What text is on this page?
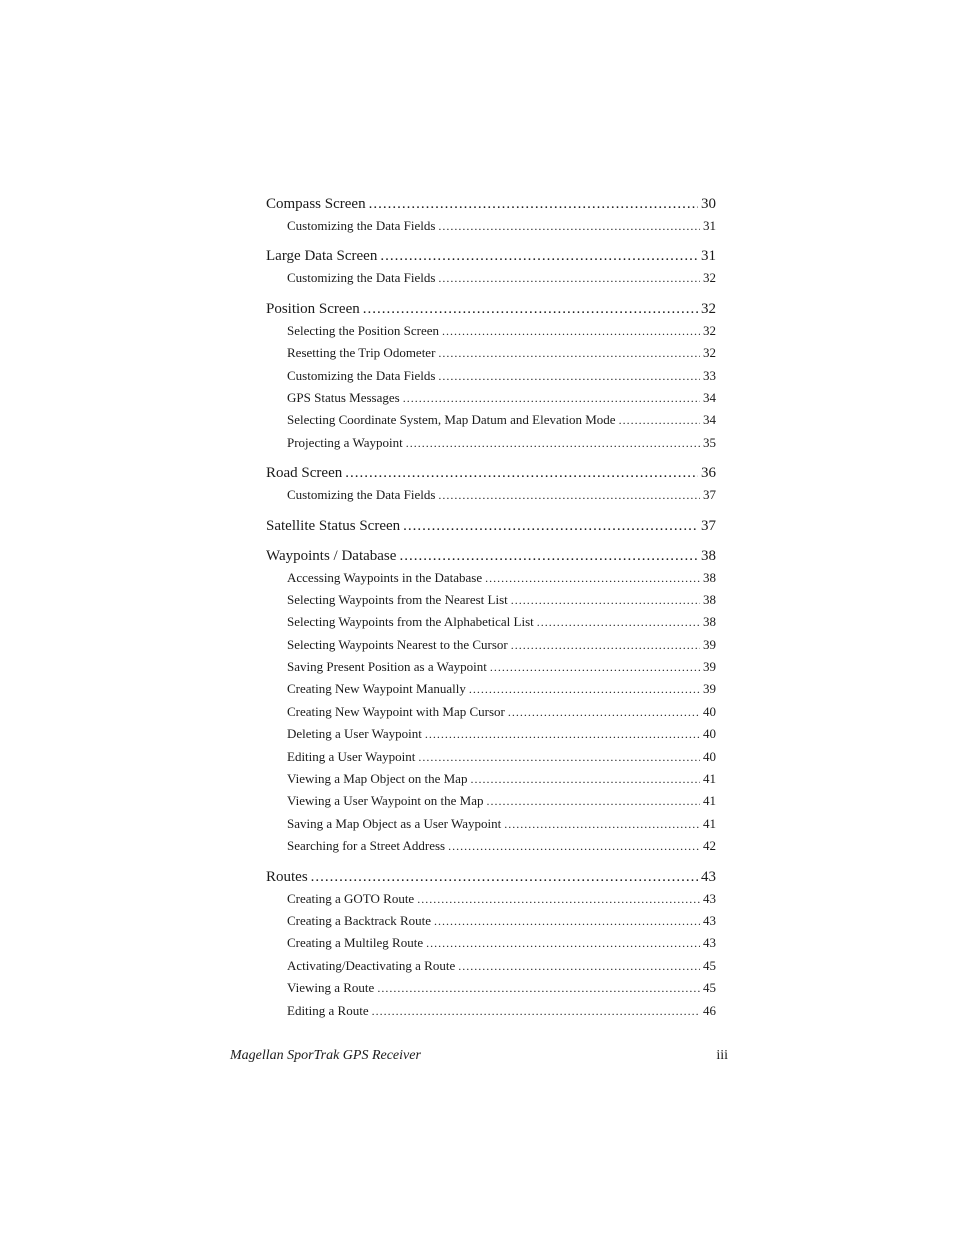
Compass Screen .....	30
Customizing the Data Fields .....	31
Large Data Screen .....	31
Customizing the Data Fields .....	32
Position Screen .....	32
Selecting the Position Screen .....	32
Resetting the Trip Odometer .....	32
Customizing the Data Fields .....	33
GPS Status Messages .....	34
Selecting Coordinate System, Map Datum and Elevation Mode .....	34
Projecting a Waypoint .....	35
Road Screen .....	36
Customizing the Data Fields .....	37
Satellite Status Screen .....	37
Waypoints / Database .....	38
Accessing Waypoints in the Database .....	38
Selecting Waypoints from the Nearest List .....	38
Selecting Waypoints from the Alphabetical List .....	38
Selecting Waypoints Nearest to the Cursor .....	39
Saving Present Position as a Waypoint .....	39
Creating New Waypoint Manually .....	39
Creating New Waypoint with Map Cursor .....	40
Deleting a User Waypoint .....	40
Editing a User Waypoint .....	40
Viewing a Map Object on the Map .....	41
Viewing a User Waypoint on the Map .....	41
Saving a Map Object as a User Waypoint .....	41
Searching for a Street Address .....	42
Routes .....	43
Creating a GOTO Route .....	43
Creating a Backtrack Route .....	43
Creating a Multileg Route .....	43
Activating/Deactivating a Route .....	45
Viewing a Route .....	45
Editing a Route .....	46
Magellan SporTrak GPS Receiver	iii
